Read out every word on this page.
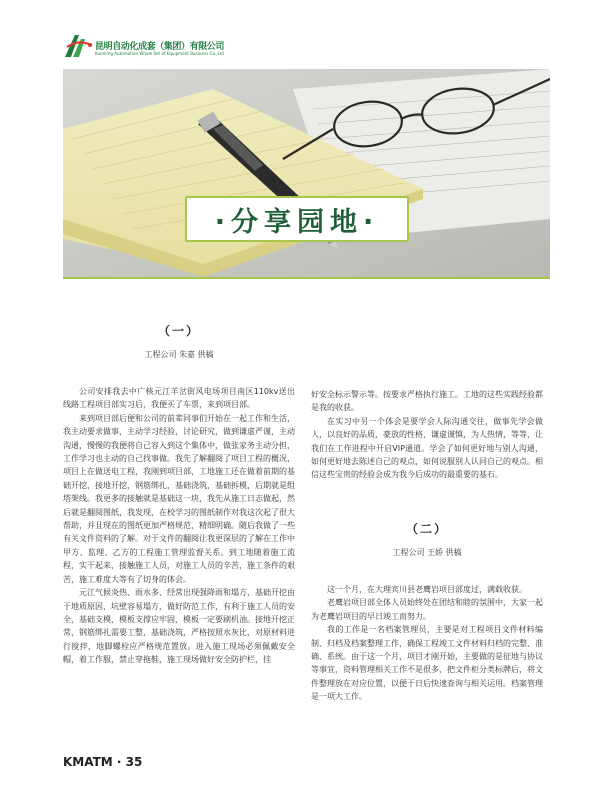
昆明自动化成套（集团）有限公司
Kunming Automation Whole Set of Equipment Business Co.,Ltd
·分享园地·
（一）
工程公司 朱嘉 供稿

公司安排我去中广核元江羊岔街风电场项目南区110kv送出线路工程项目部实习后，我便买了车票，来到项目部。

来到项目部后便和公司的前辈同事们开始在一起工作和生活，我主动要求做事，主动学习经验，讨论研究，做到谦虚严谨，主动沟通，慢慢的我便将自己容入到这个集体中，做张家务主动分担，工作学习也主动的自己找事做。我先了解翻阅了项目工程的概况，项目上在做送电工程，我刚到项目部，工地施工还在做着前期的基础开挖，接地开挖，钢筋绑扎，基础浇筑，基础拆模，后期就是组塔架线。我更多的接触就是基础这一块，我先从施工日志做起，然后就是翻阅图纸，我发现，在校学习的图纸制作对我这次起了很大帮助，并且现在的图纸更加严格规范，精细明确。随后我做了一些有关文件资料的了解。对于文件的翻阅让我更深层的了解在工作中甲方、监理、乙方的工程施工管理监督关系。到工地随着施工流程，实干起来，接触施工人员，对施工人员的辛苦，施工条件的艰苦，施工难度大等有了切身的体会。

元江气候炎热、雨水多、经常出现强降雨和塌方，基础开挖由于地质原因，坑壁容易塌方，做好防范工作，有利于施工人员的安全，基础支模，模板支撑应牢固，模板一定要刷机油。接地开挖正常，钢筋绑扎需要工整，基础浇筑，严格按照水灰比，对原材料进行搅拌，地脚螺栓应严格规范置放。进入施工现场必须佩戴安全帽，着工作服，禁止穿拖鞋，施工现场做好安全防护栏，挂

好安全标示警示等。按要求严格执行施工。工地的这些实践经验都是我的收获。

在实习中另一个体会是要学会人际沟通交往，做事先学会做人，以良好的品质，豪放的性格，谦虚谨慎，为人热情，等等，让我们在工作进程中开启VIP通道。学会了如何更好地与别人沟通，如何更好地去陈述自己的观点，如何说服别人认同自己的观点。相信这些宝贵的经验会成为我今后成功的最重要的基石。

（二）
工程公司 王娇 供稿

这一个月，在大理宾川县老鹰岩项目部度过，满载收获。

老鹰岩项目部全体人员始终处在团结和睦的氛围中，大家一起为老鹰岩项目的早日竣工而努力。

我的工作是一名档案管理员，主要是对工程项目文件材料编制、归档及档案整理工作，确保工程竣工文件材料归档的完整、准确、系统。由于这一个月，项目才刚开始，主要做的是征地与协议等事宜，资料管理相关工作不是很多，把文件柜分类标牌后，将文件整理放在对应位置，以便于日后快速查询与相关运用。档案管理是一项大工作。

KMATM · 35
